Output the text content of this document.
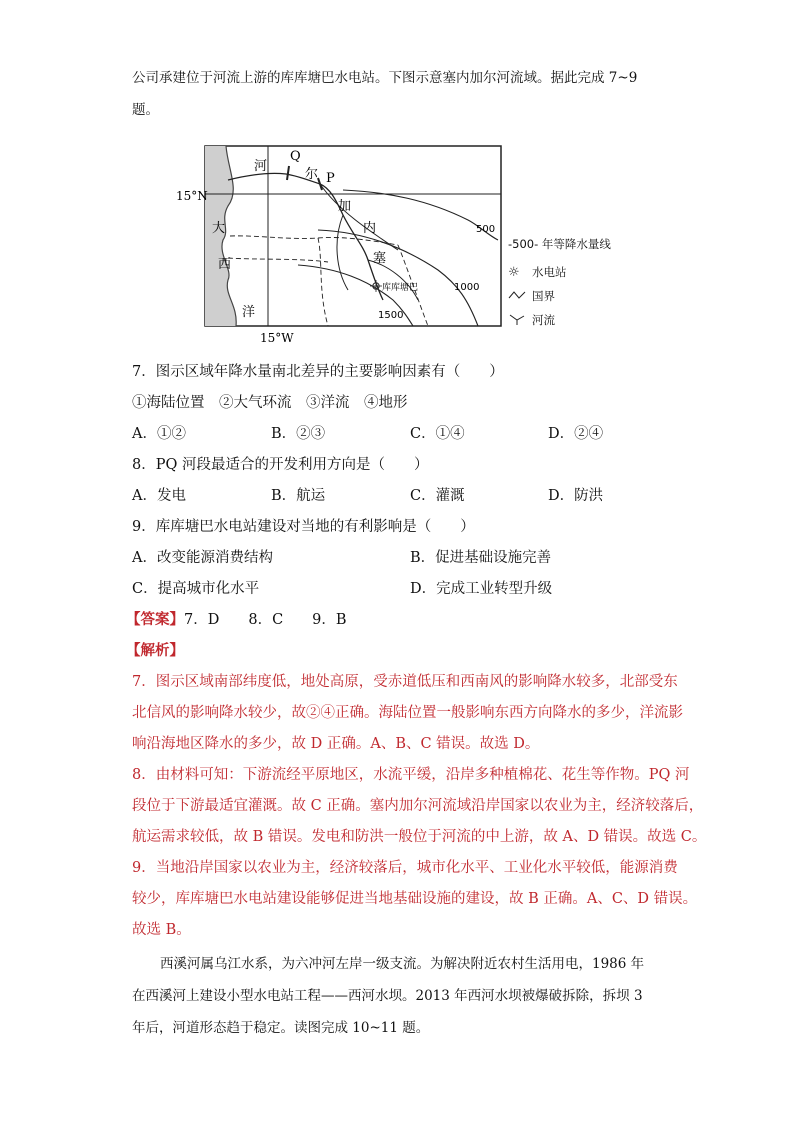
公司承建位于河流上游的库库塘巴水电站。下图示意塞内加尔河流域。据此完成 7~9
题。
15°N
15°W
河
Q
尔 P
加
内
塞
大
西
洋
库库塘巴
500
1000
1500
-500- 年等降水量线
☼	水电站
国界
河流
7．图示区域年降水量南北差异的主要影响因素有（　　）
①海陆位置　②大气环流　③洋流　④地形
A．①②	B．②③	C．①④	D．②④
8．PQ 河段最适合的开发利用方向是（　　）
A．发电	B．航运	C．灌溉	D．防洪
9．库库塘巴水电站建设对当地的有利影响是（　　）
A．改变能源消费结构	B．促进基础设施完善
C．提高城市化水平	D．完成工业转型升级
【答案】7．D　　8．C　　9．B
【解析】
7．图示区域南部纬度低，地处高原，受赤道低压和西南风的影响降水较多，北部受东
北信风的影响降水较少，故②④正确。海陆位置一般影响东西方向降水的多少，洋流影
响沿海地区降水的多少，故 D 正确。A、B、C 错误。故选 D。
8．由材料可知：下游流经平原地区，水流平缓，沿岸多种植棉花、花生等作物。PQ 河
段位于下游最适宜灌溉。故 C 正确。塞内加尔河流域沿岸国家以农业为主，经济较落后，
航运需求较低，故 B 错误。发电和防洪一般位于河流的中上游，故 A、D 错误。故选 C。
9．当地沿岸国家以农业为主，经济较落后，城市化水平、工业化水平较低，能源消费
较少，库库塘巴水电站建设能够促进当地基础设施的建设，故 B 正确。A、C、D 错误。
故选 B。
西溪河属乌江水系，为六冲河左岸一级支流。为解决附近农村生活用电，1986 年
在西溪河上建设小型水电站工程——西河水坝。2013 年西河水坝被爆破拆除，拆坝 3
年后，河道形态趋于稳定。读图完成 10~11 题。
